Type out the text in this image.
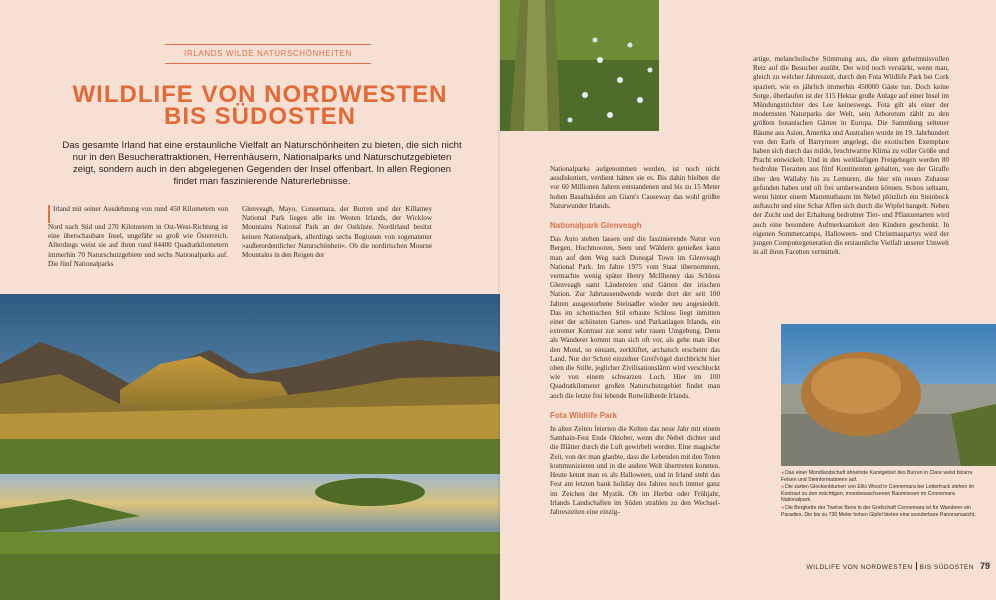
IRLANDS WILDE NATURSCHÖNHEITEN
WILDLIFE VON NORDWESTEN BIS SÜDOSTEN
Das gesamte Irland hat eine erstaunliche Vielfalt an Naturschönheiten zu bieten, die sich nicht nur in den Besucherattraktionen, Herrenhäusern, Nationalparks und Naturschutzgebieten zeigt, sondern auch in den abgelegenen Gegenden der Insel offenbart. In allen Regionen findet man faszinierende Naturerlebnisse.
Irland mit seiner Ausdehnung von rund 450 Kilometern von Nord nach Süd und 270 Kilometern in Ost-West-Richtung ist eine überschaubare Insel, ungefähr so groß wie Österreich. Allerdings weist sie auf ihren rund 84400 Quadratkilometern immerhin 70 Naturschutzgebiete und sechs Nationalparks auf. Die fünf Nationalparks
Glenveagh, Mayo, Connemara, der Burren und der Killarney National Park liegen alle im Westen Irlands, der Wicklow Mountains National Park an der Ostküste. Nordirland besitzt keinen Nationalpark, allerdings sechs Regionen von sogenannter »außerordentlicher Naturschönheit«. Ob die nordirischen Mourne Mountains in den Reigen der

Nationalparks aufgenommen werden, ist noch nicht ausdiskutiert, verdient hätten sie es. Bis dahin bleiben die vor 60 Millionen Jahren entstandenen und bis zu 15 Meter hohen Basaltsäulen am Giant's Causeway das wohl größte Naturwunder Irlands.

Nationalpark Glenveagh

Das Auto stehen lassen und die faszinierende Natur von Bergen, Hochmooren, Seen und Wäldern genießen kann man auf dem Weg nach Donegal Town im Glenveagh National Park. Im Jahre 1975 vom Staat übernommen, vermachte wenig später Henry McIlhenny das Schloss Glenveagh samt Ländereien und Gärten der irischen Nation. Zur Jahrtausendwende wurde dort der seit 100 Jahren ausgestorbene Steinadler wieder neu angesiedelt. Das im schottischen Stil erbaute Schloss liegt inmitten einer der schönsten Garten- und Parkanlagen Irlands, ein extremer Kontrast zur sonst sehr rauen Umgebung. Denn als Wanderer kommt man sich oft vor, als gehe man über den Mond, so einsam, zerklüftet, archaisch erscheint das Land. Nur der Schrei einzelner Greifvögel durchbricht hier oben die Stille, jeglicher Zivilisationslärm wird verschluckt wie von einem schwarzen Loch. Hier im 100 Quadratkilometer großen Naturschutzgebiet findet man auch die letzte frei lebende Rotwildherde Irlands.

Fota Wildlife Park

In alten Zeiten feierten die Kelten das neue Jahr mit einem Samhain-Fest Ende Oktober, wenn die Nebel dichter und die Blätter durch die Luft gewirbelt werden. Eine magische Zeit, von der man glaubte, dass die Lebenden mit den Toten kommunizieren und in die andere Welt übertreten konnten. Heute kennt man es als Halloween, und in Irland steht das Fest am letzten bank holiday des Jahres noch immer ganz im Zeichen der Mystik. Ob im Herbst oder Frühjahr, Irlands Landschaften im Süden strahlen zu den Wechsel-Jahreszeiten eine einzig-

artige, melancholische Stimmung aus, die einen geheimnisvollen Reiz auf die Besucher ausübt. Der wird noch verstärkt, wenn man, gleich zu welcher Jahreszeit, durch den Fota Wildlife Park bei Cork spaziert, wie es jährlich immerhin 450000 Gäste tun. Doch keine Sorge, überlaufen ist der 315 Hektar große Anlage auf einer Insel im Mündungstrichter des Lee keineswegs. Fota gilt als einer der modernsten Naturparks der Welt, sein Arboretum zählt zu den größten botanischen Gärten in Europa. Die Sammlung seltener Bäume aus Asien, Amerika und Australien wurde im 19. Jahrhundert von den Earls of Barrymore angelegt, die exotischen Exemplare haben sich durch das milde, feuchtwarme Klima zu voller Größe und Pracht entwickelt. Und in den weitläufigen Freigehegen werden 80 bedrohte Tierarten aus fünf Kontinenten gehalten, von der Giraffe über den Wallaby bis zu Lemuren, die hier ein neues Zuhause gefunden haben und oft frei umherwandern können. Schon seltsam, wenn hinter einem Mammutbaum im Nebel plötzlich ein Steinbock auftaucht und eine Schar Affen sich durch die Wipfel hangelt. Neben der Zucht und der Erhaltung bedrohter Tier- und Pflanzenarten wird auch eine besondere Aufmerksamkeit den Kindern geschenkt. In eigenen Sommercamps, Halloween- und Christmaspartys wird der jungen Computergeneration die erstaunliche Vielfalt unserer Umwelt in all ihren Facetten vermittelt.

◂ Das einer Mondlandschaft ähnelnde Karstgebiet des Burren in Clare weist bizarre Felsen und Steinformationen auf.

◂ Die zarten Glockenblumen von Ellis Wood in Connemara bei Letterfrack stehen im Kontrast zu den mächtigen, moosbewachsenen Baumriesen im Connemara Nationalpark.

◂ Die Bergkette der Twelve Bens in der Grafschaft Connemara ist für Wanderer ein Paradies. Die bis zu 730 Meter hohen Gipfel bieten eine wunderbare Panoramasicht.

WILDLIFE VON NORDWESTEN BIS SÜDOSTEN 79
